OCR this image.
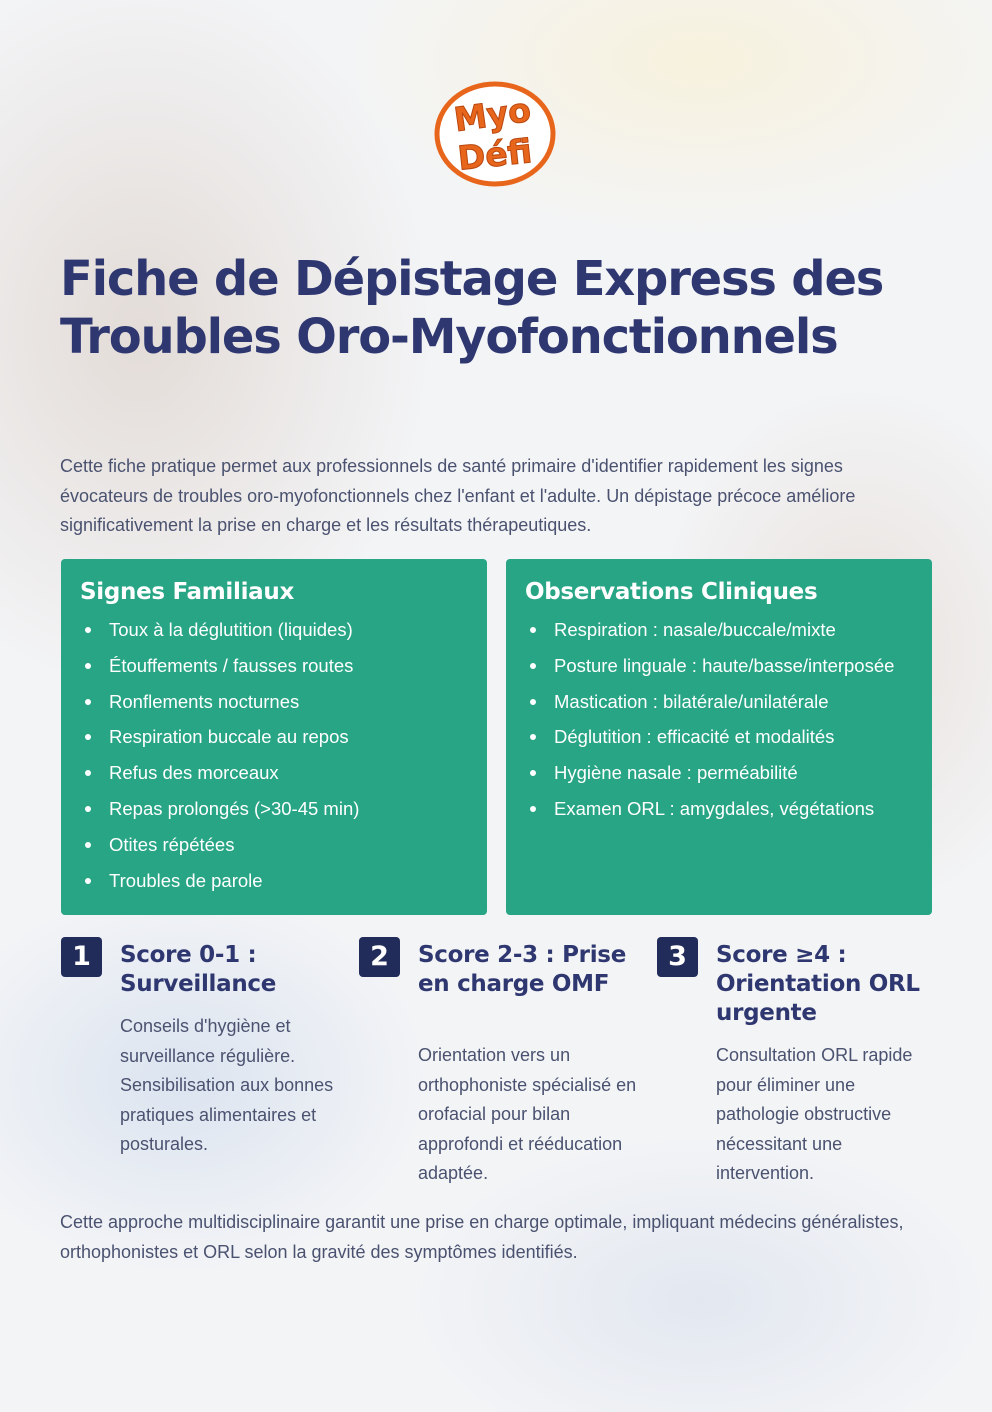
Myo
Défi
Fiche de Dépistage Express des Troubles Oro-Myofonctionnels

Cette fiche pratique permet aux professionnels de santé primaire d'identifier rapidement les signes évocateurs de troubles oro-myofonctionnels chez l'enfant et l'adulte. Un dépistage précoce améliore significativement la prise en charge et les résultats thérapeutiques.

Signes Familiaux
Toux à la déglutition (liquides)
Étouffements / fausses routes
Ronflements nocturnes
Respiration buccale au repos
Refus des morceaux
Repas prolongés (>30-45 min)
Otites répétées
Troubles de parole
Observations Cliniques
Respiration : nasale/buccale/mixte
Posture linguale : haute/basse/interposée
Mastication : bilatérale/unilatérale
Déglutition : efficacité et modalités
Hygiène nasale : perméabilité
Examen ORL : amygdales, végétations
1	Score 0-1 : Surveillance

Conseils d'hygiène et surveillance régulière. Sensibilisation aux bonnes pratiques alimentaires et posturales.

2	Score 2-3 : Prise en charge OMF

Orientation vers un orthophoniste spécialisé en orofacial pour bilan approfondi et rééducation adaptée.

3	Score ≥4 : Orientation ORL urgente

Consultation ORL rapide pour éliminer une pathologie obstructive nécessitant une intervention.

Cette approche multidisciplinaire garantit une prise en charge optimale, impliquant médecins généralistes, orthophonistes et ORL selon la gravité des symptômes identifiés.
